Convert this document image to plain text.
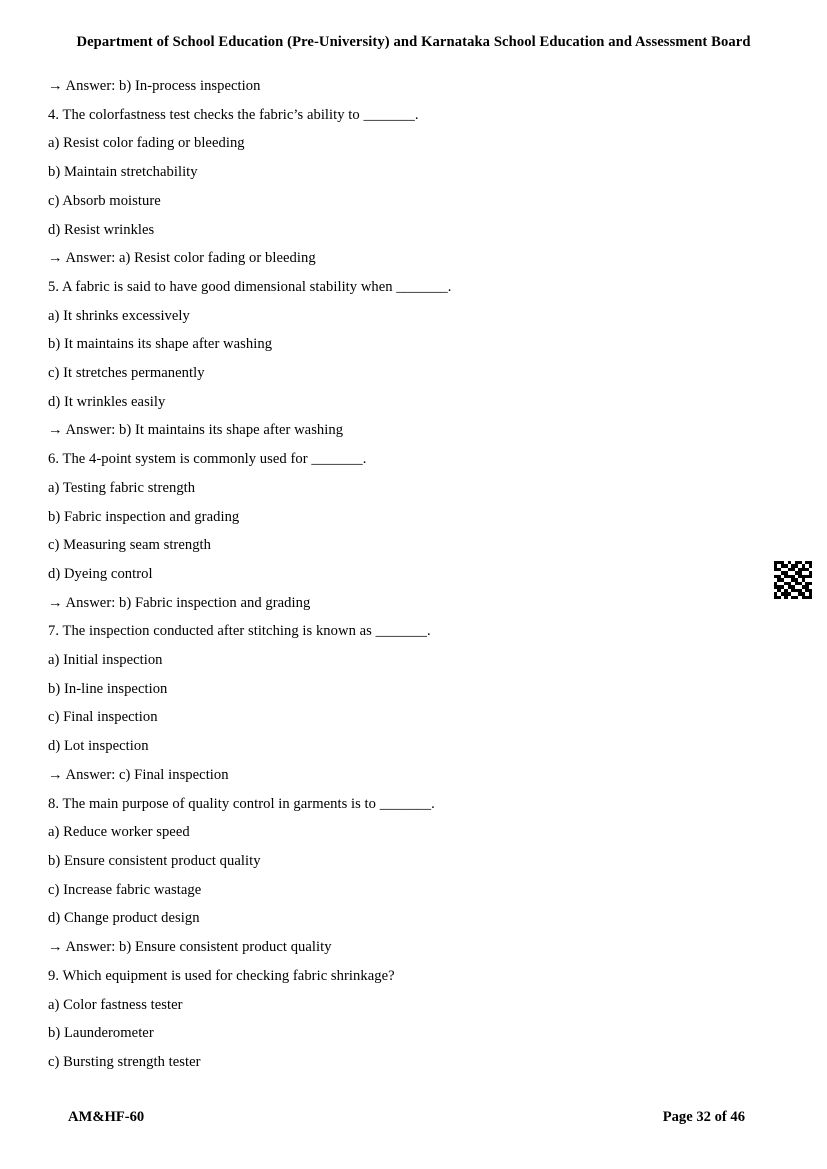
Department of School Education (Pre-University) and Karnataka School Education and Assessment Board
→ Answer: b) In-process inspection
4. The colorfastness test checks the fabric’s ability to _______.
a) Resist color fading or bleeding
b) Maintain stretchability
c) Absorb moisture
d) Resist wrinkles
→ Answer: a) Resist color fading or bleeding
5. A fabric is said to have good dimensional stability when _______.
a) It shrinks excessively
b) It maintains its shape after washing
c) It stretches permanently
d) It wrinkles easily
→ Answer: b) It maintains its shape after washing
6. The 4-point system is commonly used for _______.
a) Testing fabric strength
b) Fabric inspection and grading
c) Measuring seam strength
d) Dyeing control
→ Answer: b) Fabric inspection and grading
7. The inspection conducted after stitching is known as _______.
a) Initial inspection
b) In-line inspection
c) Final inspection
d) Lot inspection
→ Answer: c) Final inspection
8. The main purpose of quality control in garments is to _______.
a) Reduce worker speed
b) Ensure consistent product quality
c) Increase fabric wastage
d) Change product design
→ Answer: b) Ensure consistent product quality
9. Which equipment is used for checking fabric shrinkage?
a) Color fastness tester
b) Launderometer
c) Bursting strength tester
AM&HF-60	Page 32 of 46
